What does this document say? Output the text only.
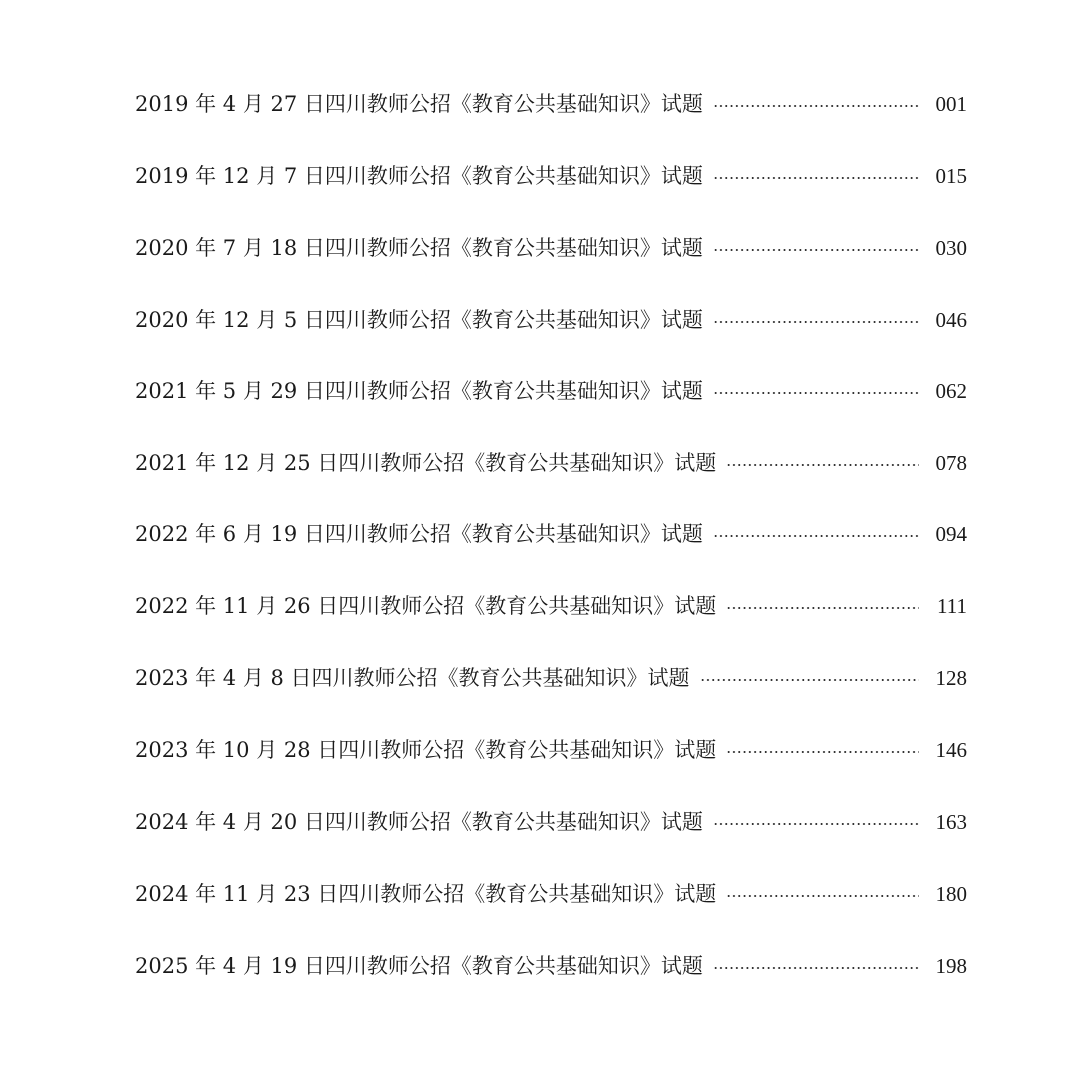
2019 年 4 月 27 日四川教师公招《教育公共基础知识》试题	001
2019 年 12 月 7 日四川教师公招《教育公共基础知识》试题	015
2020 年 7 月 18 日四川教师公招《教育公共基础知识》试题	030
2020 年 12 月 5 日四川教师公招《教育公共基础知识》试题	046
2021 年 5 月 29 日四川教师公招《教育公共基础知识》试题	062
2021 年 12 月 25 日四川教师公招《教育公共基础知识》试题	078
2022 年 6 月 19 日四川教师公招《教育公共基础知识》试题	094
2022 年 11 月 26 日四川教师公招《教育公共基础知识》试题	111
2023 年 4 月 8 日四川教师公招《教育公共基础知识》试题	128
2023 年 10 月 28 日四川教师公招《教育公共基础知识》试题	146
2024 年 4 月 20 日四川教师公招《教育公共基础知识》试题	163
2024 年 11 月 23 日四川教师公招《教育公共基础知识》试题	180
2025 年 4 月 19 日四川教师公招《教育公共基础知识》试题	198
